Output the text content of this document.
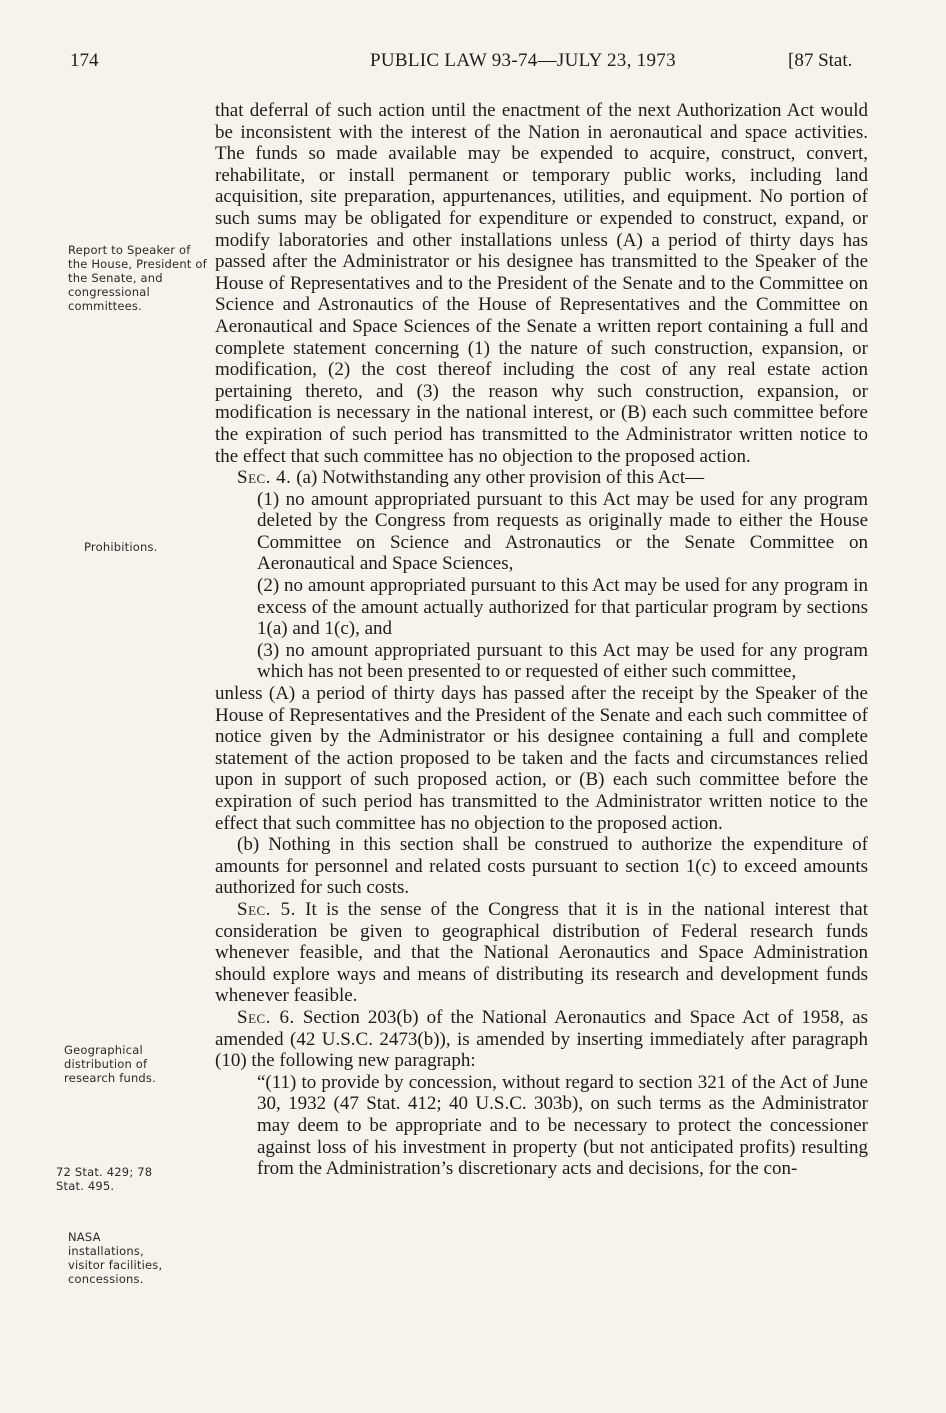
174	PUBLIC LAW 93-74—JULY 23, 1973	[87 Stat.
Report to Speaker of the House, President of the Senate, and congressional committees.
Prohibitions.
Geographical distribution of research funds.
72 Stat. 429; 78 Stat. 495.
NASA installations, visitor facilities, concessions.

that deferral of such action until the enactment of the next Authorization Act would be inconsistent with the interest of the Nation in aeronautical and space activities. The funds so made available may be expended to acquire, construct, convert, rehabilitate, or install permanent or temporary public works, including land acquisition, site preparation, appurtenances, utilities, and equipment. No portion of such sums may be obligated for expenditure or expended to construct, expand, or modify laboratories and other installations unless (A) a period of thirty days has passed after the Administrator or his designee has transmitted to the Speaker of the House of Representatives and to the President of the Senate and to the Committee on Science and Astronautics of the House of Representatives and the Committee on Aeronautical and Space Sciences of the Senate a written report containing a full and complete statement concerning (1) the nature of such construction, expansion, or modification, (2) the cost thereof including the cost of any real estate action pertaining thereto, and (3) the reason why such construction, expansion, or modification is necessary in the national interest, or (B) each such committee before the expiration of such period has transmitted to the Administrator written notice to the effect that such committee has no objection to the proposed action.

Sec. 4. (a) Notwithstanding any other provision of this Act—

(1) no amount appropriated pursuant to this Act may be used for any program deleted by the Congress from requests as originally made to either the House Committee on Science and Astronautics or the Senate Committee on Aeronautical and Space Sciences,

(2) no amount appropriated pursuant to this Act may be used for any program in excess of the amount actually authorized for that particular program by sections 1(a) and 1(c), and

(3) no amount appropriated pursuant to this Act may be used for any program which has not been presented to or requested of either such committee,

unless (A) a period of thirty days has passed after the receipt by the Speaker of the House of Representatives and the President of the Senate and each such committee of notice given by the Administrator or his designee containing a full and complete statement of the action proposed to be taken and the facts and circumstances relied upon in support of such proposed action, or (B) each such committee before the expiration of such period has transmitted to the Administrator written notice to the effect that such committee has no objection to the proposed action.

(b) Nothing in this section shall be construed to authorize the expenditure of amounts for personnel and related costs pursuant to section 1(c) to exceed amounts authorized for such costs.

Sec. 5. It is the sense of the Congress that it is in the national interest that consideration be given to geographical distribution of Federal research funds whenever feasible, and that the National Aeronautics and Space Administration should explore ways and means of distributing its research and development funds whenever feasible.

Sec. 6. Section 203(b) of the National Aeronautics and Space Act of 1958, as amended (42 U.S.C. 2473(b)), is amended by inserting immediately after paragraph (10) the following new paragraph:

“(11) to provide by concession, without regard to section 321 of the Act of June 30, 1932 (47 Stat. 412; 40 U.S.C. 303b), on such terms as the Administrator may deem to be appropriate and to be necessary to protect the concessioner against loss of his investment in property (but not anticipated profits) resulting from the Administration’s discretionary acts and decisions, for the con-
